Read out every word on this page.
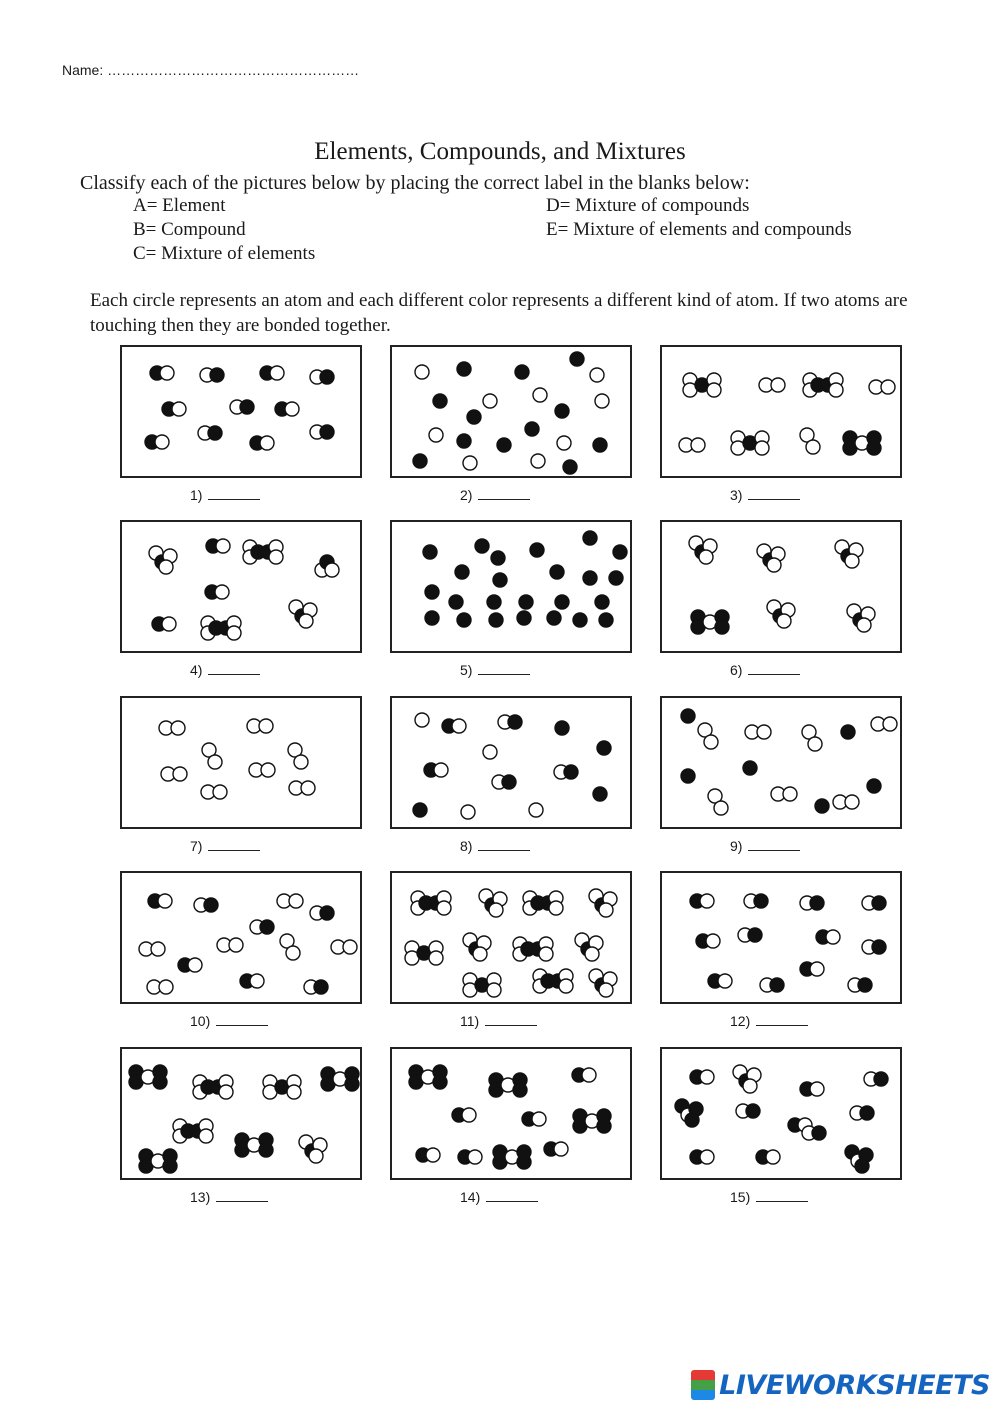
Name: ………………………………………………
Elements, Compounds, and Mixtures
Classify each of the pictures below by placing the correct label in the blanks below:
A= Element
B= Compound
C= Mixture of elements
D= Mixture of compounds
E= Mixture of elements and compounds
Each circle represents an atom and each different color represents a different kind of atom. If two atoms are touching then they are bonded together.
1)	2)	3)
4)	5)	6)
7)	8)	9)
10)	11)	12)
13)	14)	15)
LIVEWORKSHEETS
